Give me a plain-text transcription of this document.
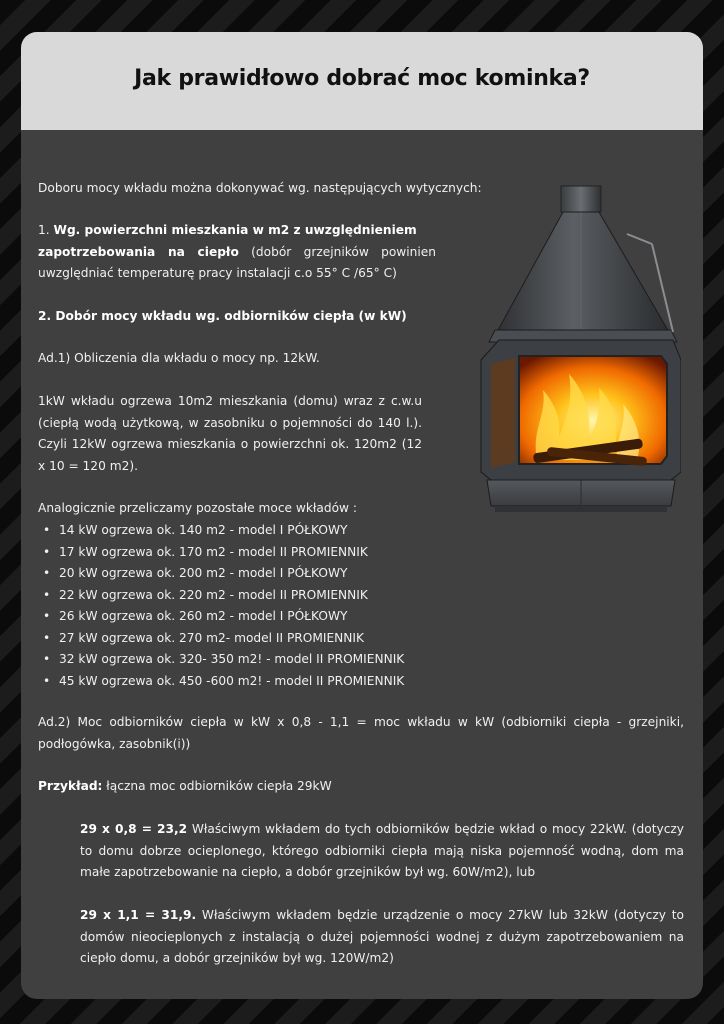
Jak prawidłowo dobrać moc kominka?
Doboru mocy wkładu można dokonywać wg. następujących wytycznych:
1. Wg. powierzchni mieszkania w m2 z uwzględnieniem
zapotrzebowania na ciepło (dobór grzejników powinien
uwzględniać temperaturę pracy instalacji c.o 55° C /65° C)
2. Dobór mocy wkładu wg. odbiorników ciepła (w kW)
Ad.1) Obliczenia dla wkładu o mocy np. 12kW.
1kW wkładu ogrzewa 10m2 mieszkania (domu) wraz z c.w.u (ciepłą wodą użytkową, w zasobniku o pojemności do 140 l.). Czyli 12kW ogrzewa mieszkania o powierzchni ok. 120m2 (12 x 10 = 120 m2).
Analogicznie przeliczamy pozostałe moce wkładów :
• 14 kW ogrzewa ok. 140 m2 - model I PÓŁKOWY
• 17 kW ogrzewa ok. 170 m2 - model II PROMIENNIK
• 20 kW ogrzewa ok. 200 m2 - model I PÓŁKOWY
• 22 kW ogrzewa ok. 220 m2 - model II PROMIENNIK
• 26 kW ogrzewa ok. 260 m2 - model I PÓŁKOWY
• 27 kW ogrzewa ok. 270 m2- model II PROMIENNIK
• 32 kW ogrzewa ok. 320- 350 m2! - model II PROMIENNIK
• 45 kW ogrzewa ok. 450 -600 m2! - model II PROMIENNIK
Ad.2) Moc odbiorników ciepła w kW x 0,8 - 1,1 = moc wkładu w kW (odbiorniki ciepła - grzejniki, podłogówka, zasobnik(i))
Przykład: łączna moc odbiorników ciepła 29kW
29 x 0,8 = 23,2 Właściwym wkładem do tych odbiorników będzie wkład o mocy 22kW. (dotyczy to domu dobrze ocieplonego, którego odbiorniki ciepła mają niska pojemność wodną, dom ma małe zapotrzebowanie na ciepło, a dobór grzejników był wg. 60W/m2), lub
29 x 1,1 = 31,9. Właściwym wkładem będzie urządzenie o mocy 27kW lub 32kW (dotyczy to domów nieocieplonych z instalacją o dużej pojemności wodnej z dużym zapotrzebowaniem na ciepło domu, a dobór grzejników był wg. 120W/m2)
